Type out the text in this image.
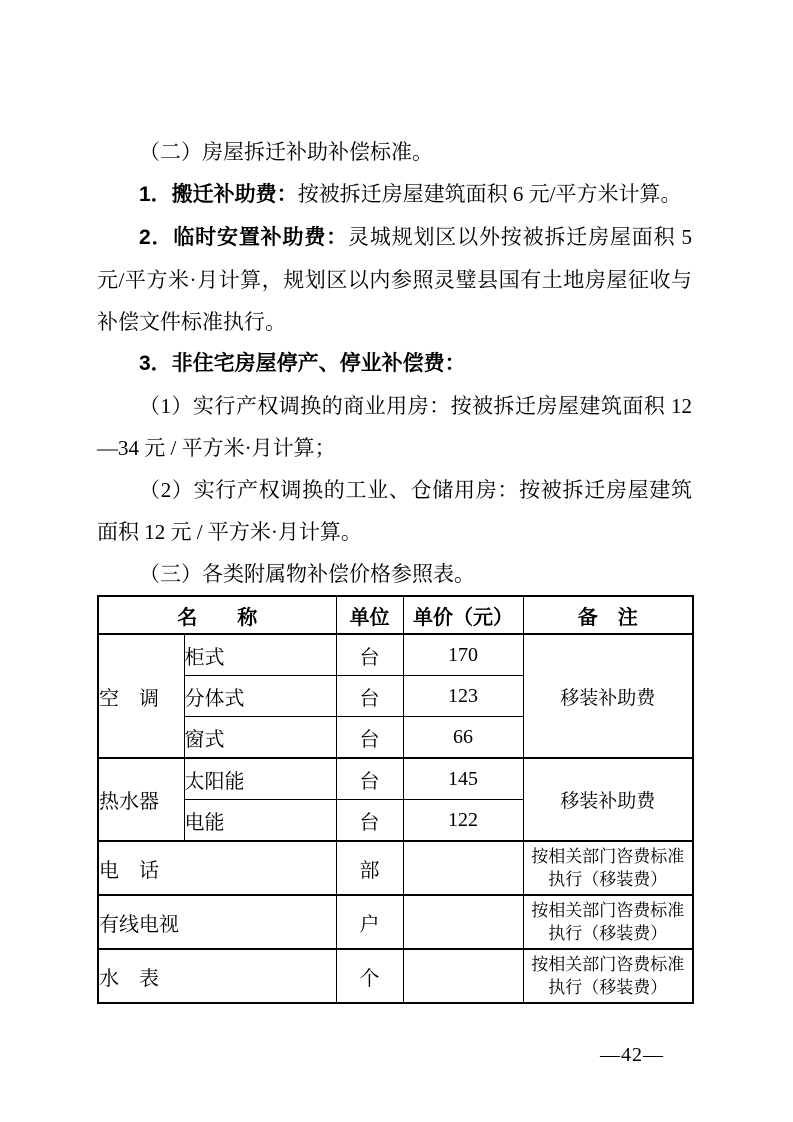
（二）房屋拆迁补助补偿标准。

1．搬迁补助费：按被拆迁房屋建筑面积 6 元/平方米计算。

2．临时安置补助费：灵城规划区以外按被拆迁房屋面积 5 元/平方米·月计算，规划区以内参照灵璧县国有土地房屋征收与补偿文件标准执行。

3．非住宅房屋停产、停业补偿费：

（1）实行产权调换的商业用房：按被拆迁房屋建筑面积 12—34 元 / 平方米·月计算；

（2）实行产权调换的工业、仓储用房：按被拆迁房屋建筑面积 12 元 / 平方米·月计算。

（三）各类附属物补偿价格参照表。

名　　称		单位	单价（元）	备　注
空　调	柜式	台	170	移装补助费
	分体式	台	123	
	窗式	台	66	
热水器	太阳能	台	145	移装补助费
	电能	台	122	
电　话		部		按相关部门咨费标准执行（移装费）
有线电视		户		按相关部门咨费标准执行（移装费）
水　表		个		按相关部门咨费标准执行（移装费）
—42—
